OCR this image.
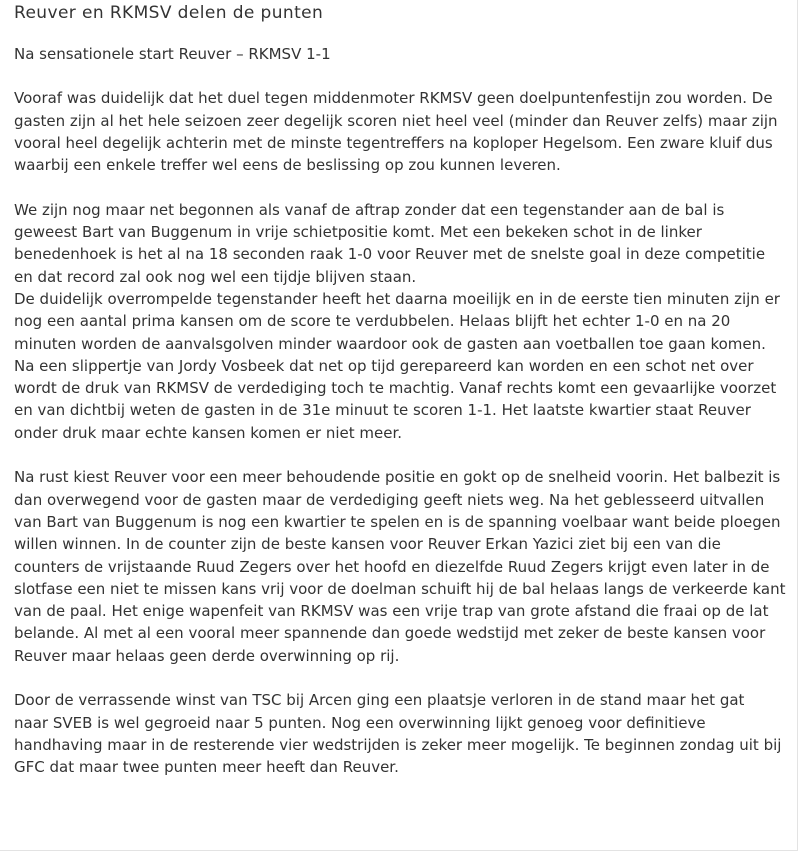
Reuver en RKMSV delen de punten

Na sensationele start Reuver – RKMSV 1-1

Vooraf was duidelijk dat het duel tegen middenmoter RKMSV geen doelpuntenfestijn zou worden. De

gasten zijn al het hele seizoen zeer degelijk scoren niet heel veel (minder dan Reuver zelfs) maar zijn

vooral heel degelijk achterin met de minste tegentreffers na koploper Hegelsom. Een zware kluif dus

waarbij een enkele treffer wel eens de beslissing op zou kunnen leveren.

We zijn nog maar net begonnen als vanaf de aftrap zonder dat een tegenstander aan de bal is

geweest Bart van Buggenum in vrije schietpositie komt. Met een bekeken schot in de linker

benedenhoek is het al na 18 seconden raak 1-0 voor Reuver met de snelste goal in deze competitie

en dat record zal ook nog wel een tijdje blijven staan.

De duidelijk overrompelde tegenstander heeft het daarna moeilijk en in de eerste tien minuten zijn er

nog een aantal prima kansen om de score te verdubbelen. Helaas blijft het echter 1-0 en na 20

minuten worden de aanvalsgolven minder waardoor ook de gasten aan voetballen toe gaan komen.

Na een slippertje van Jordy Vosbeek dat net op tijd gerepareerd kan worden en een schot net over

wordt de druk van RKMSV de verdediging toch te machtig. Vanaf rechts komt een gevaarlijke voorzet

en van dichtbij weten de gasten in de 31e minuut te scoren 1-1. Het laatste kwartier staat Reuver

onder druk maar echte kansen komen er niet meer.

Na rust kiest Reuver voor een meer behoudende positie en gokt op de snelheid voorin. Het balbezit is

dan overwegend voor de gasten maar de verdediging geeft niets weg. Na het geblesseerd uitvallen

van Bart van Buggenum is nog een kwartier te spelen en is de spanning voelbaar want beide ploegen

willen winnen. In de counter zijn de beste kansen voor Reuver Erkan Yazici ziet bij een van die

counters de vrijstaande Ruud Zegers over het hoofd en diezelfde Ruud Zegers krijgt even later in de

slotfase een niet te missen kans vrij voor de doelman schuift hij de bal helaas langs de verkeerde kant

van de paal. Het enige wapenfeit van RKMSV was een vrije trap van grote afstand die fraai op de lat

belande. Al met al een vooral meer spannende dan goede wedstijd met zeker de beste kansen voor

Reuver maar helaas geen derde overwinning op rij.

Door de verrassende winst van TSC bij Arcen ging een plaatsje verloren in de stand maar het gat

naar SVEB is wel gegroeid naar 5 punten. Nog een overwinning lijkt genoeg voor definitieve

handhaving maar in de resterende vier wedstrijden is zeker meer mogelijk. Te beginnen zondag uit bij

GFC dat maar twee punten meer heeft dan Reuver.
